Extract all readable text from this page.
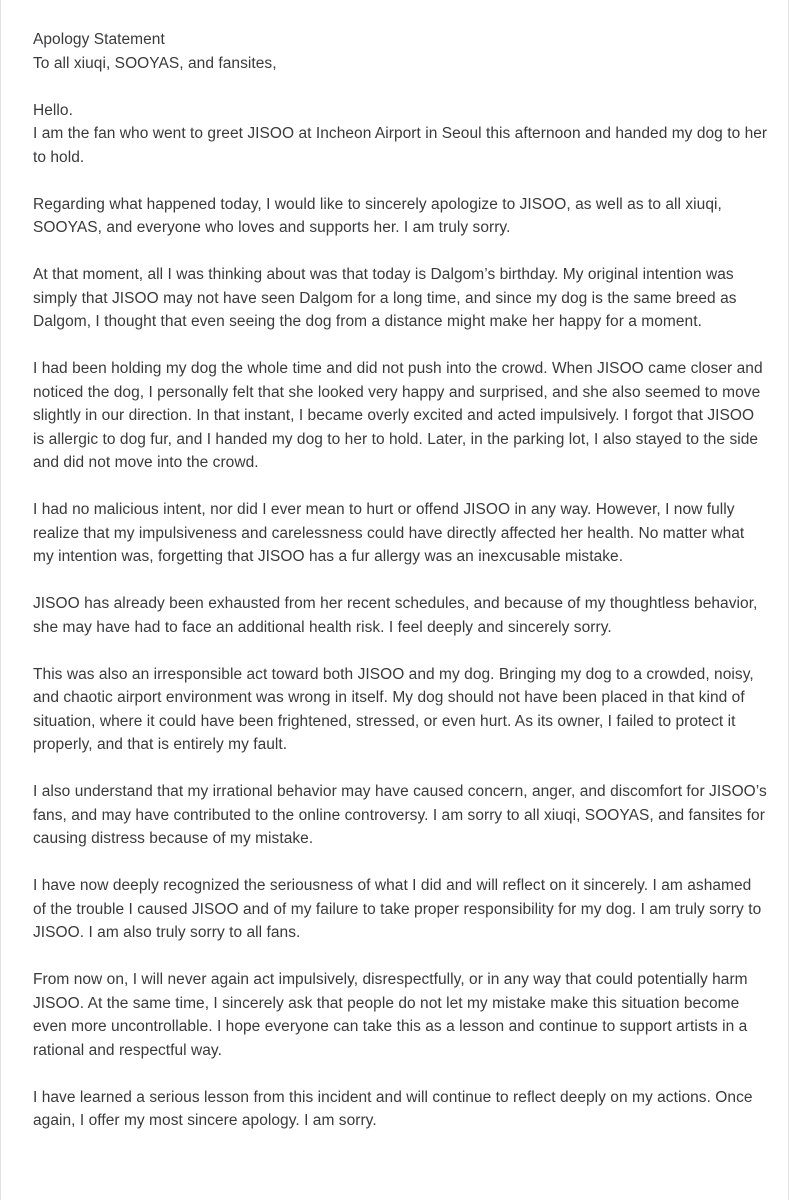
Apology Statement
To all xiuqi, SOOYAS, and fansites,

Hello.
I am the fan who went to greet JISOO at Incheon Airport in Seoul this afternoon and handed my dog to her to hold.

Regarding what happened today, I would like to sincerely apologize to JISOO, as well as to all xiuqi, SOOYAS, and everyone who loves and supports her. I am truly sorry.

At that moment, all I was thinking about was that today is Dalgom’s birthday. My original intention was simply that JISOO may not have seen Dalgom for a long time, and since my dog is the same breed as Dalgom, I thought that even seeing the dog from a distance might make her happy for a moment.

I had been holding my dog the whole time and did not push into the crowd. When JISOO came closer and noticed the dog, I personally felt that she looked very happy and surprised, and she also seemed to move slightly in our direction. In that instant, I became overly excited and acted impulsively. I forgot that JISOO is allergic to dog fur, and I handed my dog to her to hold. Later, in the parking lot, I also stayed to the side and did not move into the crowd.

I had no malicious intent, nor did I ever mean to hurt or offend JISOO in any way. However, I now fully realize that my impulsiveness and carelessness could have directly affected her health. No matter what my intention was, forgetting that JISOO has a fur allergy was an inexcusable mistake.

JISOO has already been exhausted from her recent schedules, and because of my thoughtless behavior, she may have had to face an additional health risk. I feel deeply and sincerely sorry.

This was also an irresponsible act toward both JISOO and my dog. Bringing my dog to a crowded, noisy, and chaotic airport environment was wrong in itself. My dog should not have been placed in that kind of situation, where it could have been frightened, stressed, or even hurt. As its owner, I failed to protect it properly, and that is entirely my fault.

I also understand that my irrational behavior may have caused concern, anger, and discomfort for JISOO’s fans, and may have contributed to the online controversy. I am sorry to all xiuqi, SOOYAS, and fansites for causing distress because of my mistake.

I have now deeply recognized the seriousness of what I did and will reflect on it sincerely. I am ashamed of the trouble I caused JISOO and of my failure to take proper responsibility for my dog. I am truly sorry to JISOO. I am also truly sorry to all fans.

From now on, I will never again act impulsively, disrespectfully, or in any way that could potentially harm JISOO. At the same time, I sincerely ask that people do not let my mistake make this situation become even more uncontrollable. I hope everyone can take this as a lesson and continue to support artists in a rational and respectful way.

I have learned a serious lesson from this incident and will continue to reflect deeply on my actions. Once again, I offer my most sincere apology. I am sorry.
